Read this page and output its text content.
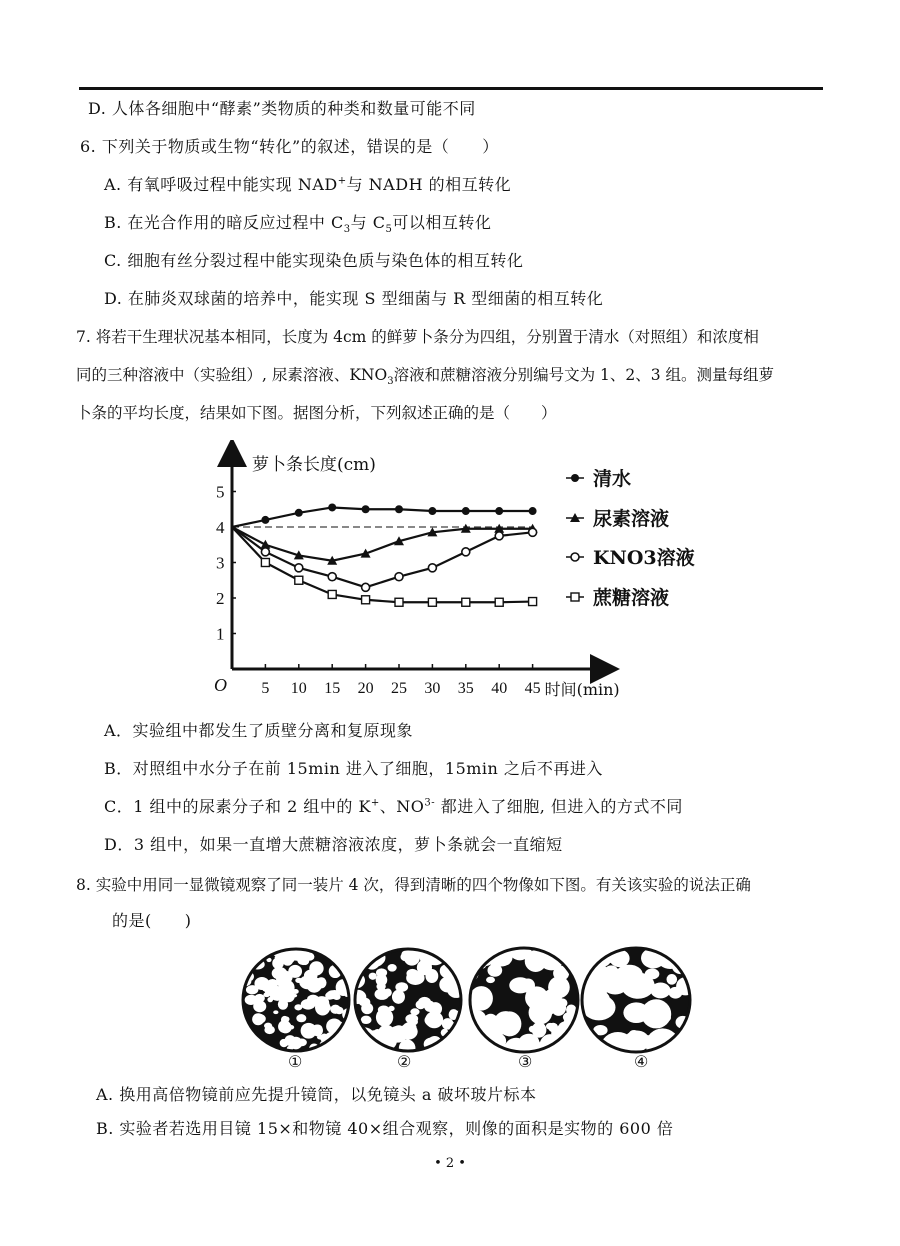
D. 人体各细胞中“酵素”类物质的种类和数量可能不同
6. 下列关于物质或生物“转化”的叙述，错误的是（　　）
A. 有氧呼吸过程中能实现 NAD+与 NADH 的相互转化
B. 在光合作用的暗反应过程中 $C_3$与 $C_5$可以相互转化
C. 细胞有丝分裂过程中能实现染色质与染色体的相互转化
D. 在肺炎双球菌的培养中，能实现 S 型细菌与 R 型细菌的相互转化
7. 将若干生理状况基本相同，长度为 4cm 的鲜萝卜条分为四组，分别置于清水（对照组）和浓度相
同的三种溶液中（实验组）, 尿素溶液、$KNO_3$溶液和蔗糖溶液分别编号文为 1、2、3 组。测量每组萝
卜条的平均长度，结果如下图。据图分析，下列叙述正确的是（　　）
1
2
3
4
5
5 10 15 20 25 30 35 40 45
O
萝卜条长度(cm)
时间(min)
清水
尿素溶液
KNO3溶液
蔗糖溶液
A．实验组中都发生了质壁分离和复原现象
B．对照组中水分子在前 15min 进入了细胞，15min 之后不再进入
C．1 组中的尿素分子和 2 组中的 K+、$NO^{3-}$ 都进入了细胞, 但进入的方式不同
D．3 组中，如果一直增大蔗糖溶液浓度，萝卜条就会一直缩短
8. 实验中用同一显微镜观察了同一装片 4 次，得到清晰的四个物像如下图。有关该实验的说法正确
的是(　　)
①	②	③	④
A. 换用高倍物镜前应先提升镜筒，以免镜头 a 破坏玻片标本
B. 实验者若选用目镜 15×和物镜 40×组合观察，则像的面积是实物的 600 倍
• 2 •
